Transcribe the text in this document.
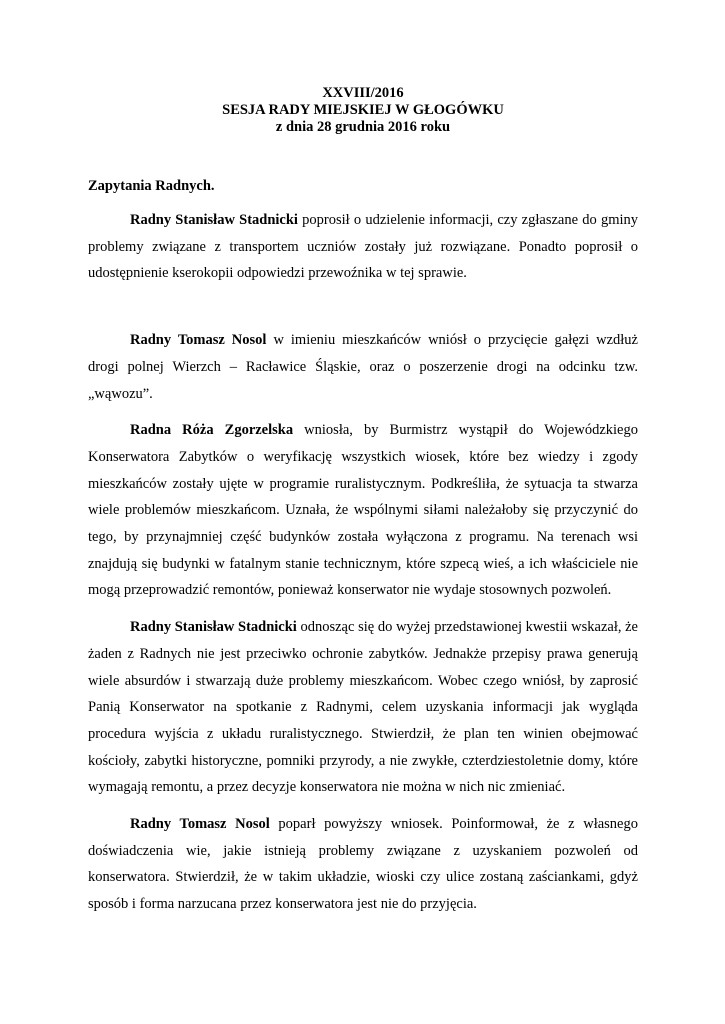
XXVIII/2016
SESJA RADY MIEJSKIEJ W GŁOGÓWKU
z dnia 28 grudnia 2016 roku
Zapytania Radnych.

Radny Stanisław Stadnicki poprosił o udzielenie informacji, czy zgłaszane do gminy problemy związane z transportem uczniów zostały już rozwiązane. Ponadto poprosił o udostępnienie kserokopii odpowiedzi przewoźnika w tej sprawie.

Radny Tomasz Nosol w imieniu mieszkańców wniósł o przycięcie gałęzi wzdłuż drogi polnej Wierzch – Racławice Śląskie, oraz o poszerzenie drogi na odcinku tzw. „wąwozu”.

Radna Róża Zgorzelska wniosła, by Burmistrz wystąpił do Wojewódzkiego Konserwatora Zabytków o weryfikację wszystkich wiosek, które bez wiedzy i zgody mieszkańców zostały ujęte w programie ruralistycznym. Podkreśliła, że sytuacja ta stwarza wiele problemów mieszkańcom. Uznała, że wspólnymi siłami należałoby się przyczynić do tego, by przynajmniej część budynków została wyłączona z programu. Na terenach wsi znajdują się budynki w fatalnym stanie technicznym, które szpecą wieś, a ich właściciele nie mogą przeprowadzić remontów, ponieważ konserwator nie wydaje stosownych pozwoleń.

Radny Stanisław Stadnicki odnosząc się do wyżej przedstawionej kwestii wskazał, że żaden z Radnych nie jest przeciwko ochronie zabytków. Jednakże przepisy prawa generują wiele absurdów i stwarzają duże problemy mieszkańcom. Wobec czego wniósł, by zaprosić Panią Konserwator na spotkanie z Radnymi, celem uzyskania informacji jak wygląda procedura wyjścia z układu ruralistycznego. Stwierdził, że plan ten winien obejmować kościoły, zabytki historyczne, pomniki przyrody, a nie zwykłe, czterdziestoletnie domy, które wymagają remontu, a przez decyzje konserwatora nie można w nich nic zmieniać.

Radny Tomasz Nosol poparł powyższy wniosek. Poinformował, że z własnego doświadczenia wie, jakie istnieją problemy związane z uzyskaniem pozwoleń od konserwatora. Stwierdził, że w takim układzie, wioski czy ulice zostaną zaściankami, gdyż sposób i forma narzucana przez konserwatora jest nie do przyjęcia.
